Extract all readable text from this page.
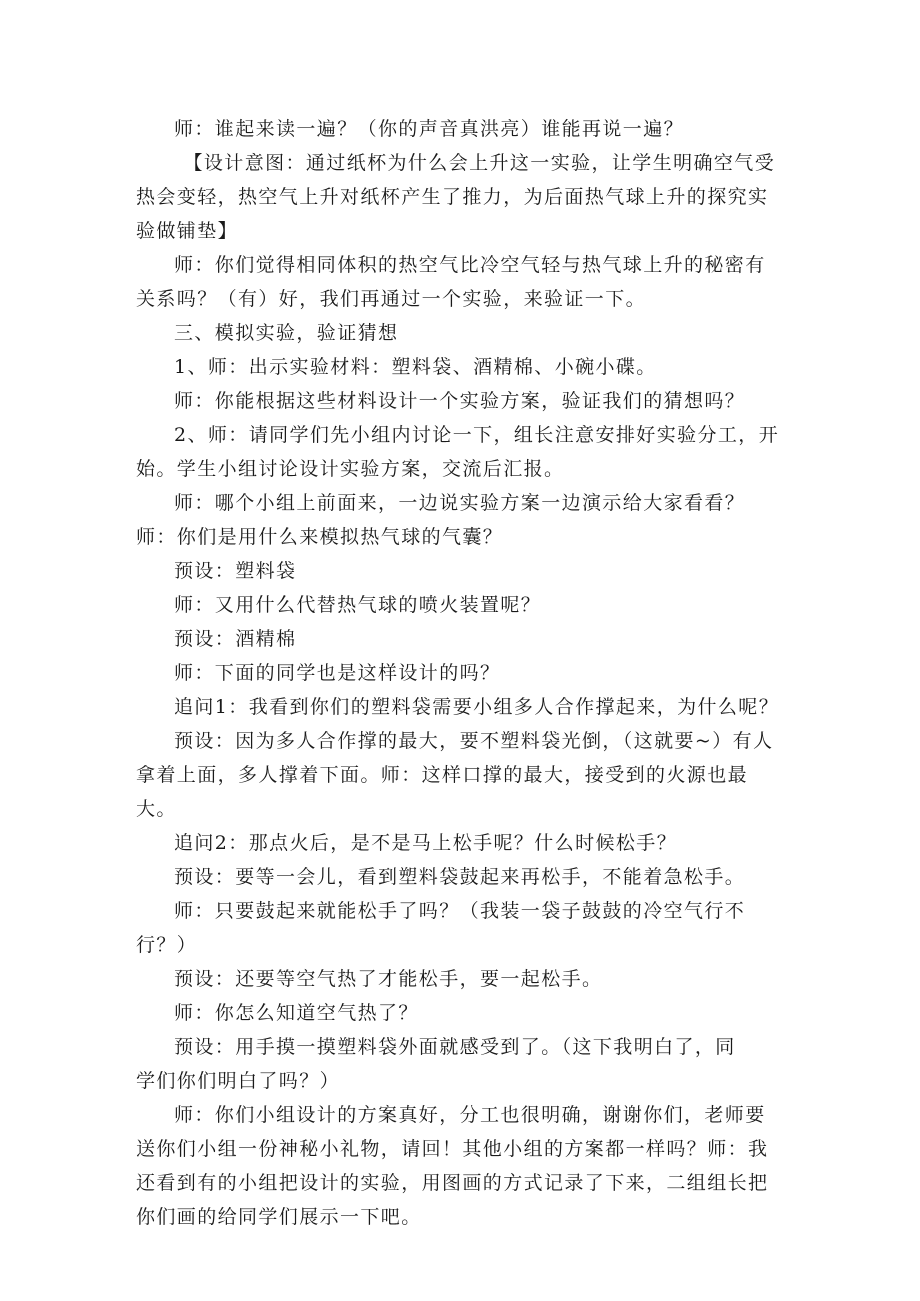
师：谁起来读一遍？（你的声音真洪亮）谁能再说一遍？

【设计意图：通过纸杯为什么会上升这一实验，让学生明确空气受热会变轻，热空气上升对纸杯产生了推力，为后面热气球上升的探究实验做铺垫】

师：你们觉得相同体积的热空气比冷空气轻与热气球上升的秘密有关系吗？（有）好，我们再通过一个实验，来验证一下。

三、模拟实验，验证猜想

1、师：出示实验材料：塑料袋、酒精棉、小碗小碟。

师：你能根据这些材料设计一个实验方案，验证我们的猜想吗？

2、师：请同学们先小组内讨论一下，组长注意安排好实验分工，开始。学生小组讨论设计实验方案，交流后汇报。

师：哪个小组上前面来，一边说实验方案一边演示给大家看看？师：你们是用什么来模拟热气球的气囊？

预设：塑料袋

师：又用什么代替热气球的喷火装置呢？

预设：酒精棉

师：下面的同学也是这样设计的吗？

追问1：我看到你们的塑料袋需要小组多人合作撑起来，为什么呢？

预设：因为多人合作撑的最大，要不塑料袋光倒，（这就要~）有人拿着上面，多人撑着下面。师：这样口撑的最大，接受到的火源也最大。

追问2：那点火后，是不是马上松手呢？什么时候松手？

预设：要等一会儿，看到塑料袋鼓起来再松手，不能着急松手。

师：只要鼓起来就能松手了吗？（我装一袋子鼓鼓的冷空气行不行？）

预设：还要等空气热了才能松手，要一起松手。

师：你怎么知道空气热了？

预设：用手摸一摸塑料袋外面就感受到了。（这下我明白了，同

学们你们明白了吗？）

师：你们小组设计的方案真好，分工也很明确，谢谢你们，老师要送你们小组一份神秘小礼物，请回！其他小组的方案都一样吗？师：我还看到有的小组把设计的实验，用图画的方式记录了下来，二组组长把你们画的给同学们展示一下吧。
